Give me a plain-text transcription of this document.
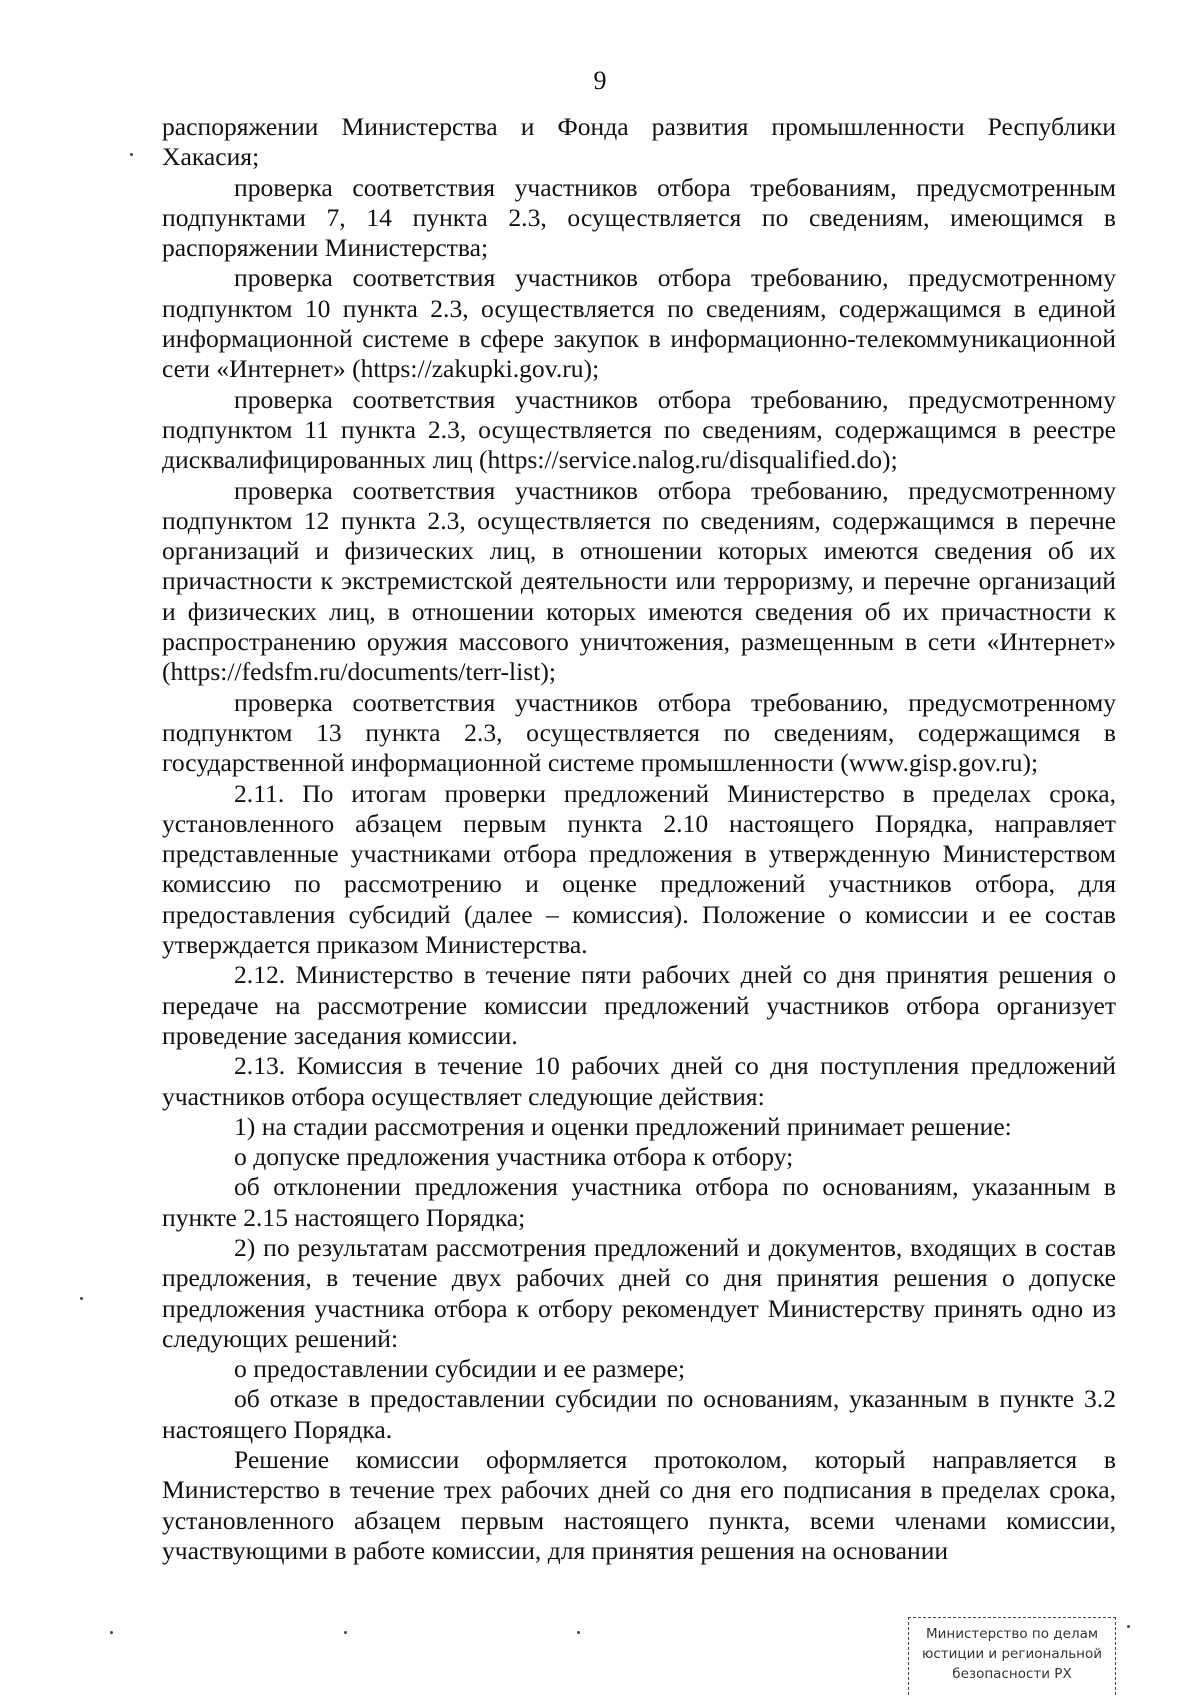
9

распоряжении Министерства и Фонда развития промышленности Республики Хакасия;

проверка соответствия участников отбора требованиям, предусмотренным подпунктами 7, 14 пункта 2.3, осуществляется по сведениям, имеющимся в распоряжении Министерства;

проверка соответствия участников отбора требованию, предусмотренному подпунктом 10 пункта 2.3, осуществляется по сведениям, содержащимся в единой информационной системе в сфере закупок в информационно-телекоммуникационной сети «Интернет» (https://zakupki.gov.ru);

проверка соответствия участников отбора требованию, предусмотренному подпунктом 11 пункта 2.3, осуществляется по сведениям, содержащимся в реестре дисквалифицированных лиц (https://service.nalog.ru/disqualified.do);

проверка соответствия участников отбора требованию, предусмотренному подпунктом 12 пункта 2.3, осуществляется по сведениям, содержащимся в перечне организаций и физических лиц, в отношении которых имеются сведения об их причастности к экстремистской деятельности или терроризму, и перечне организаций и физических лиц, в отношении которых имеются сведения об их причастности к распространению оружия массового уничтожения, размещенным в сети «Интернет» (https://fedsfm.ru/documents/terr-list);

проверка соответствия участников отбора требованию, предусмотренному подпунктом 13 пункта 2.3, осуществляется по сведениям, содержащимся в государственной информационной системе промышленности (www.gisp.gov.ru);

2.11. По итогам проверки предложений Министерство в пределах срока, установленного абзацем первым пункта 2.10 настоящего Порядка, направляет представленные участниками отбора предложения в утвержденную Министерством комиссию по рассмотрению и оценке предложений участников отбора, для предоставления субсидий (далее – комиссия). Положение о комиссии и ее состав утверждается приказом Министерства.

2.12. Министерство в течение пяти рабочих дней со дня принятия решения о передаче на рассмотрение комиссии предложений участников отбора организует проведение заседания комиссии.

2.13. Комиссия в течение 10 рабочих дней со дня поступления предложений участников отбора осуществляет следующие действия:

1) на стадии рассмотрения и оценки предложений принимает решение:

о допуске предложения участника отбора к отбору;

об отклонении предложения участника отбора по основаниям, указанным в пункте 2.15 настоящего Порядка;

2) по результатам рассмотрения предложений и документов, входящих в состав предложения, в течение двух рабочих дней со дня принятия решения о допуске предложения участника отбора к отбору рекомендует Министерству принять одно из следующих решений:

о предоставлении субсидии и ее размере;

об отказе в предоставлении субсидии по основаниям, указанным в пункте 3.2 настоящего Порядка.

Решение комиссии оформляется протоколом, который направляется в Министерство в течение трех рабочих дней со дня его подписания в пределах срока, установленного абзацем первым настоящего пункта, всеми членами комиссии, участвующими в работе комиссии, для принятия решения на основании

Министерство по делам
юстиции и региональной
безопасности РХ
